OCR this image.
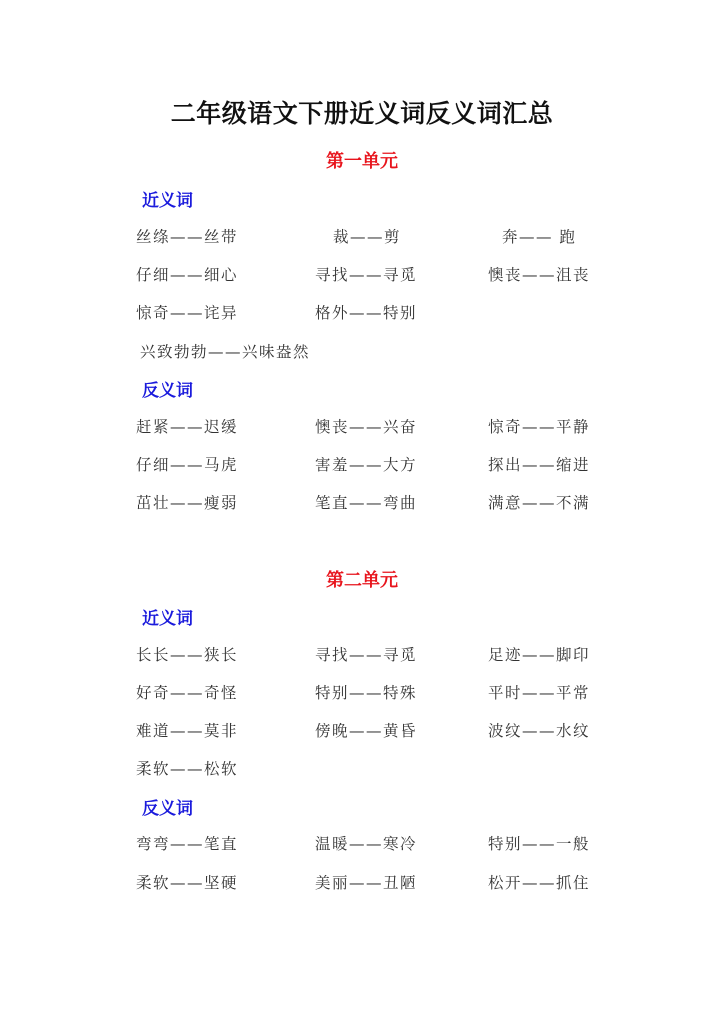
二年级语文下册近义词反义词汇总
第一单元
近义词
丝绦——丝带	裁——剪	奔—— 跑
仔细——细心	寻找——寻觅	懊丧——沮丧
惊奇——诧异	格外——特别
兴致勃勃——兴味盎然
反义词
赶紧——迟缓	懊丧——兴奋	惊奇——平静
仔细——马虎	害羞——大方	探出——缩进
茁壮——瘦弱	笔直——弯曲	满意——不满
第二单元
近义词
长长——狭长	寻找——寻觅	足迹——脚印
好奇——奇怪	特别——特殊	平时——平常
难道——莫非	傍晚——黄昏	波纹——水纹
柔软——松软
反义词
弯弯——笔直	温暖——寒冷	特别——一般
柔软——坚硬	美丽——丑陋	松开——抓住
